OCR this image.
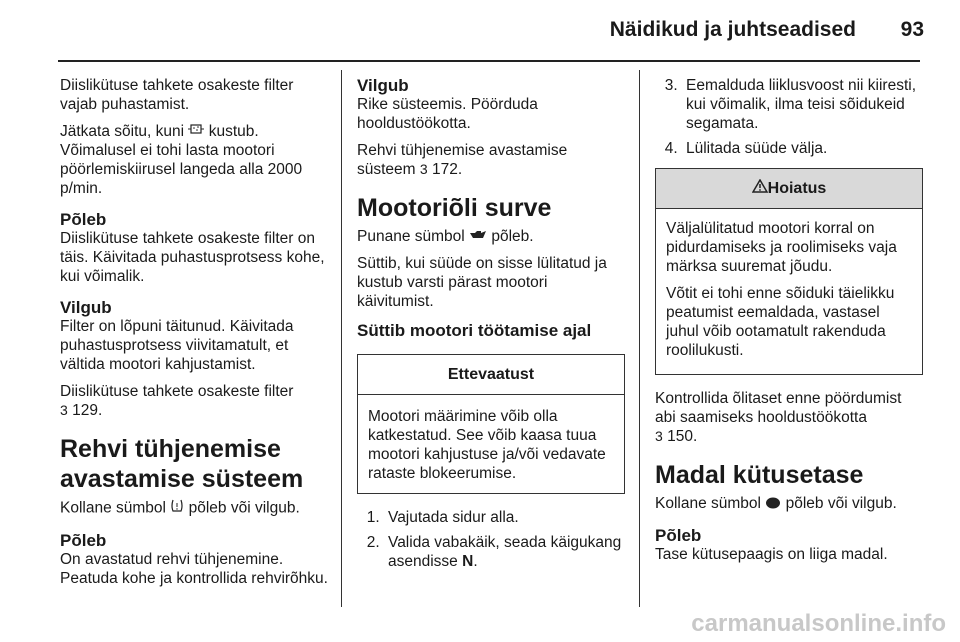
Näidikud ja juhtseadised 93

Diislikütuse tahkete osakeste filter vajab puhastamist.

Jätkata sõitu, kuni kustub.
Võimalusel ei tohi lasta mootori pöörlemiskiirusel langeda alla 2000 p/min.

Põleb

Diislikütuse tahkete osakeste filter on täis. Käivitada puhastusprotsess kohe, kui võimalik.

Vilgub

Filter on lõpuni täitunud. Käivitada puhastusprotsess viivitamatult, et vältida mootori kahjustamist.

Diislikütuse tahkete osakeste filter
3 129.

Rehvi tühjenemise avastamise süsteem

Kollane sümbol põleb või vilgub.

Põleb

On avastatud rehvi tühjenemine. Peatuda kohe ja kontrollida rehvirõhku.

Vilgub

Rike süsteemis. Pöörduda hooldustöökotta.

Rehvi tühjenemise avastamise süsteem 3 172.

Mootoriõli surve

Punane sümbol põleb.

Süttib, kui süüde on sisse lülitatud ja kustub varsti pärast mootori käivitumist.

Süttib mootori töötamise ajal
Ettevaatust
Mootori määrimine võib olla katkestatud. See võib kaasa tuua mootori kahjustuse ja/või vedavate rataste blokeerumise.
1. Vajutada sidur alla.
2. Valida vabakäik, seada käigukang asendisse N.
3. Eemalduda liiklusvoost nii kiiresti, kui võimalik, ilma teisi sõidukeid segamata.
4. Lülitada süüde välja.
Hoiatus

Väljalülitatud mootori korral on pidurdamiseks ja roolimiseks vaja märksa suuremat jõudu.

Võtit ei tohi enne sõiduki täielikku peatumist eemaldada, vastasel juhul võib ootamatult rakenduda roolilukusti.

Kontrollida õlitaset enne pöördumist abi saamiseks hooldustöökotta
3 150.

Madal kütusetase

Kollane sümbol põleb või vilgub.

Põleb

Tase kütusepaagis on liiga madal.

carmanualsonline.info
